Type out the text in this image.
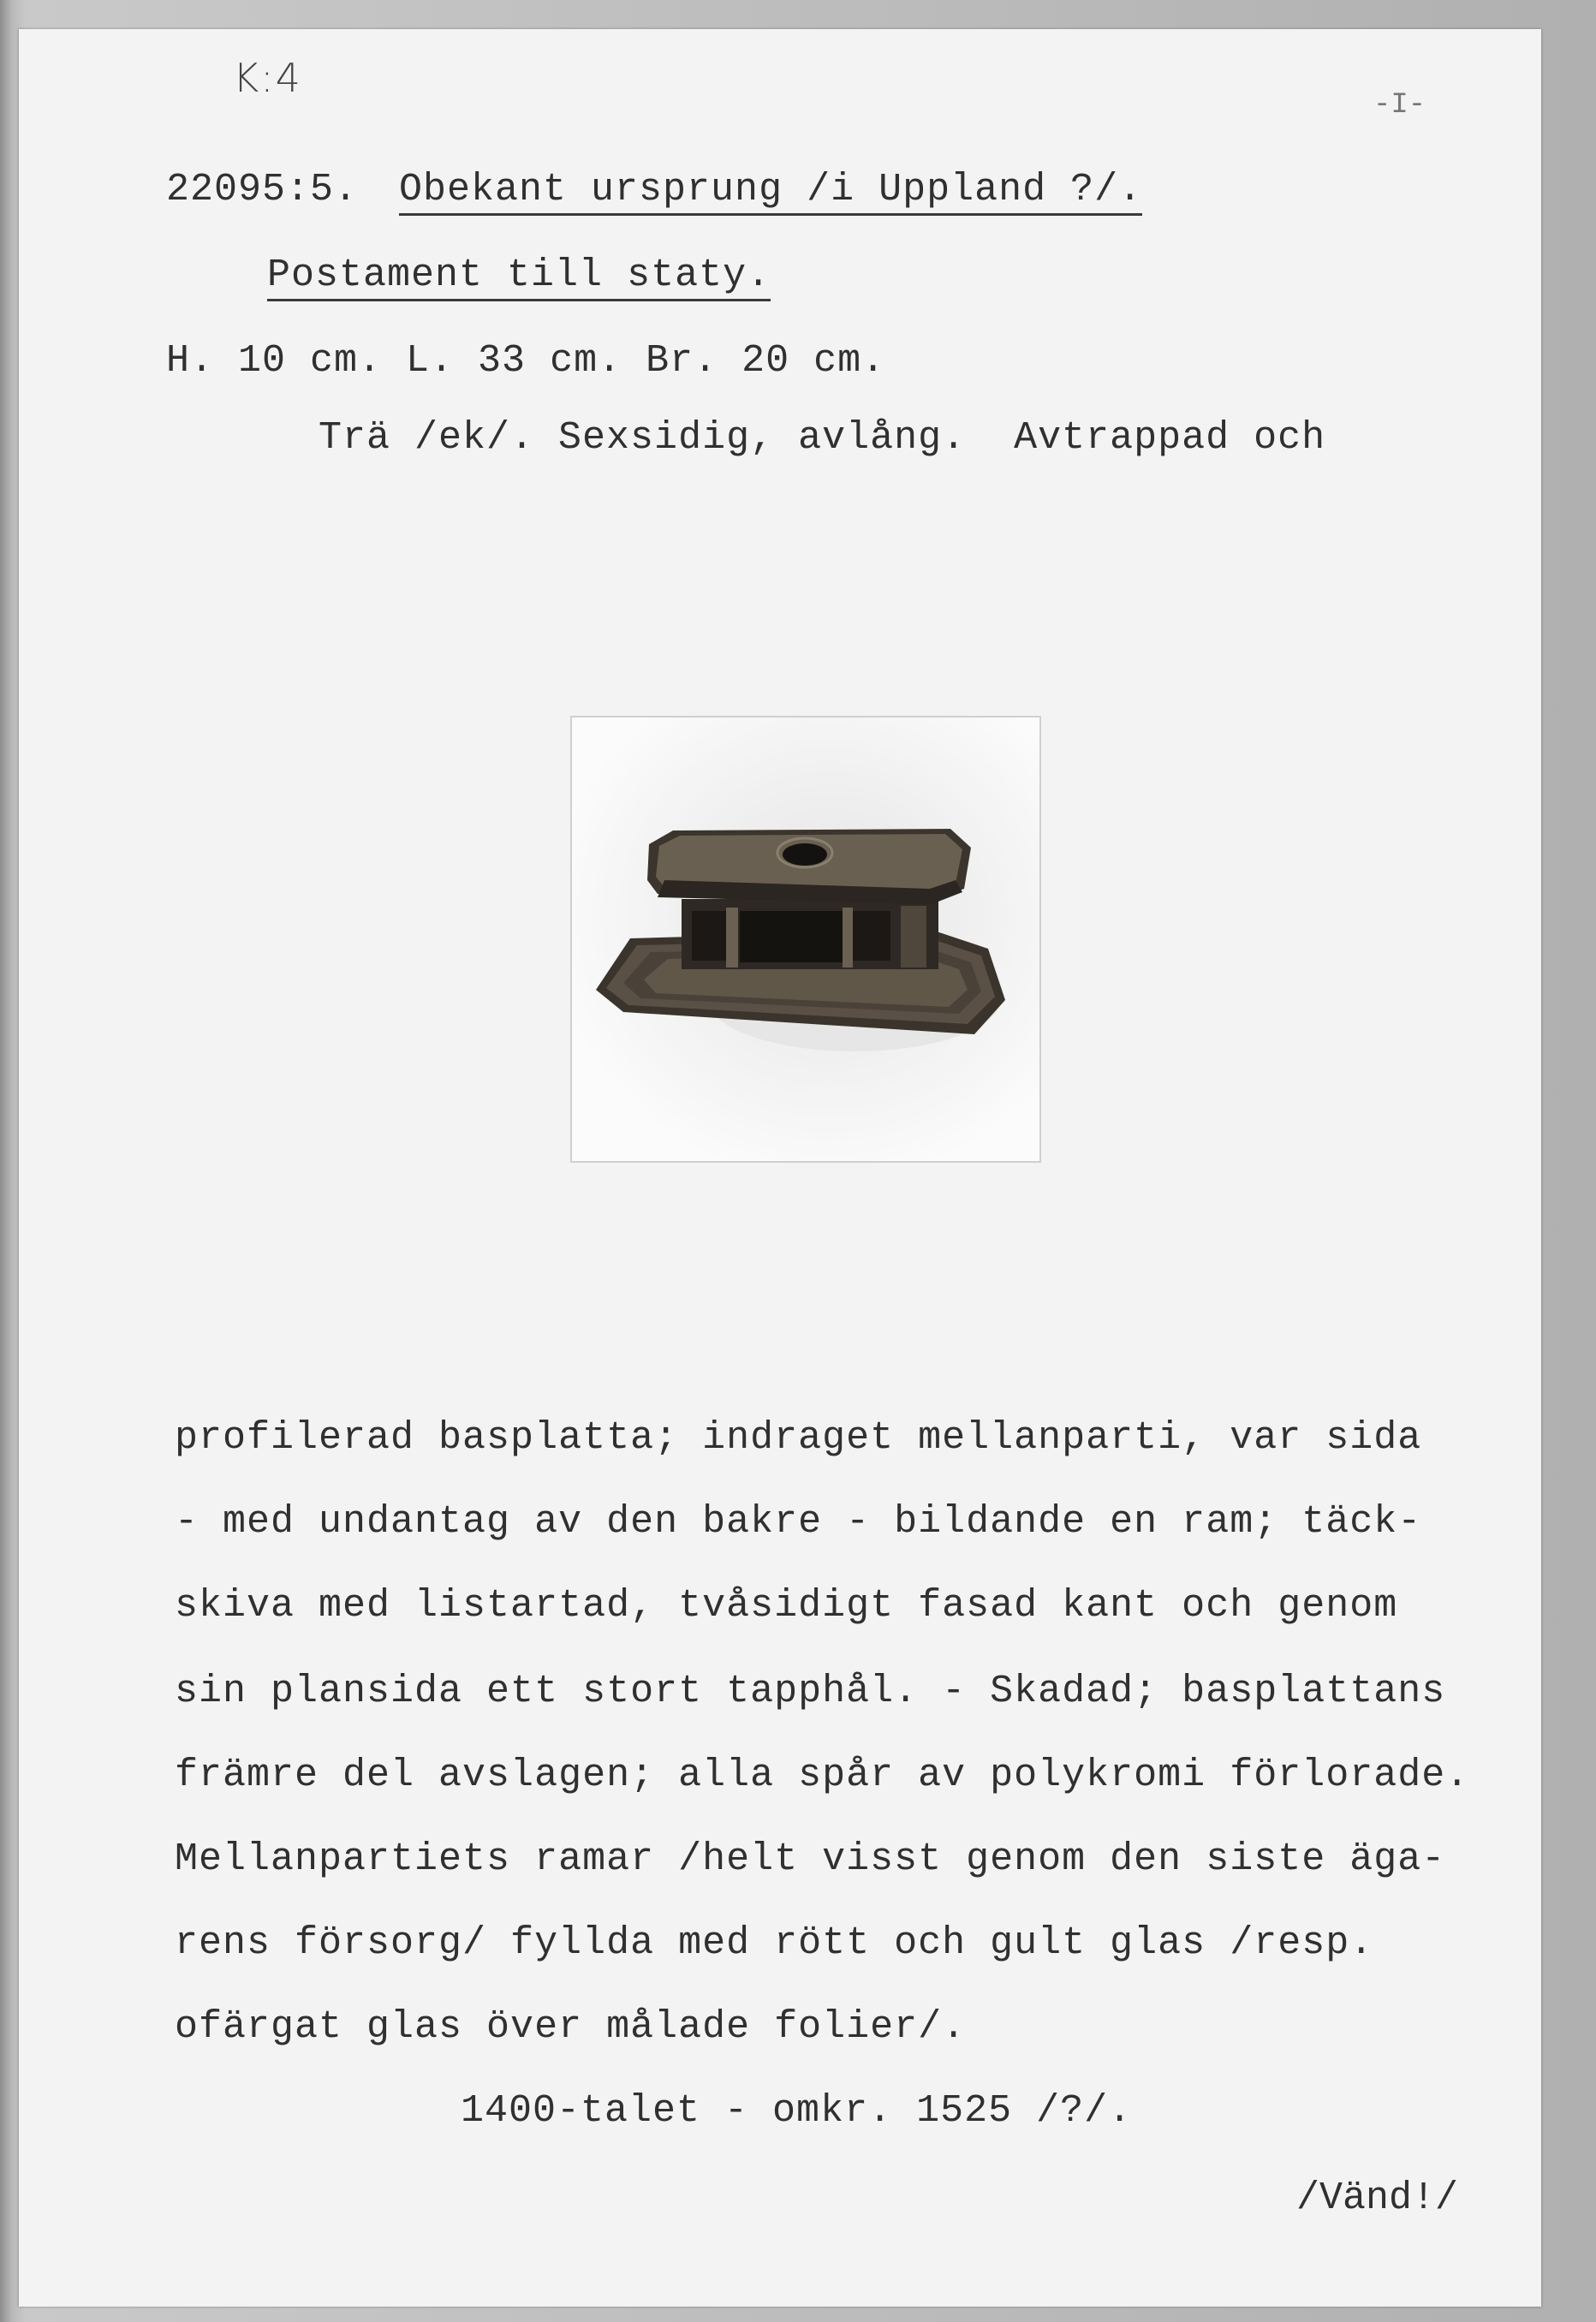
K:4
-I-
22095:5. Obekant ursprung /i Uppland ?/.
Postament till staty.
H. 10 cm. L. 33 cm. Br. 20 cm.
Trä /ek/. Sexsidig, avlång.  Avtrappad och
profilerad basplatta; indraget mellanparti, var sida
- med undantag av den bakre - bildande en ram; täck-
skiva med listartad, tvåsidigt fasad kant och genom
sin plansida ett stort tapphål. - Skadad; basplattans
främre del avslagen; alla spår av polykromi förlorade.
Mellanpartiets ramar /helt visst genom den siste äga-
rens försorg/ fyllda med rött och gult glas /resp.
ofärgat glas över målade folier/.
1400-talet - omkr. 1525 /?/.
/Vänd!/
